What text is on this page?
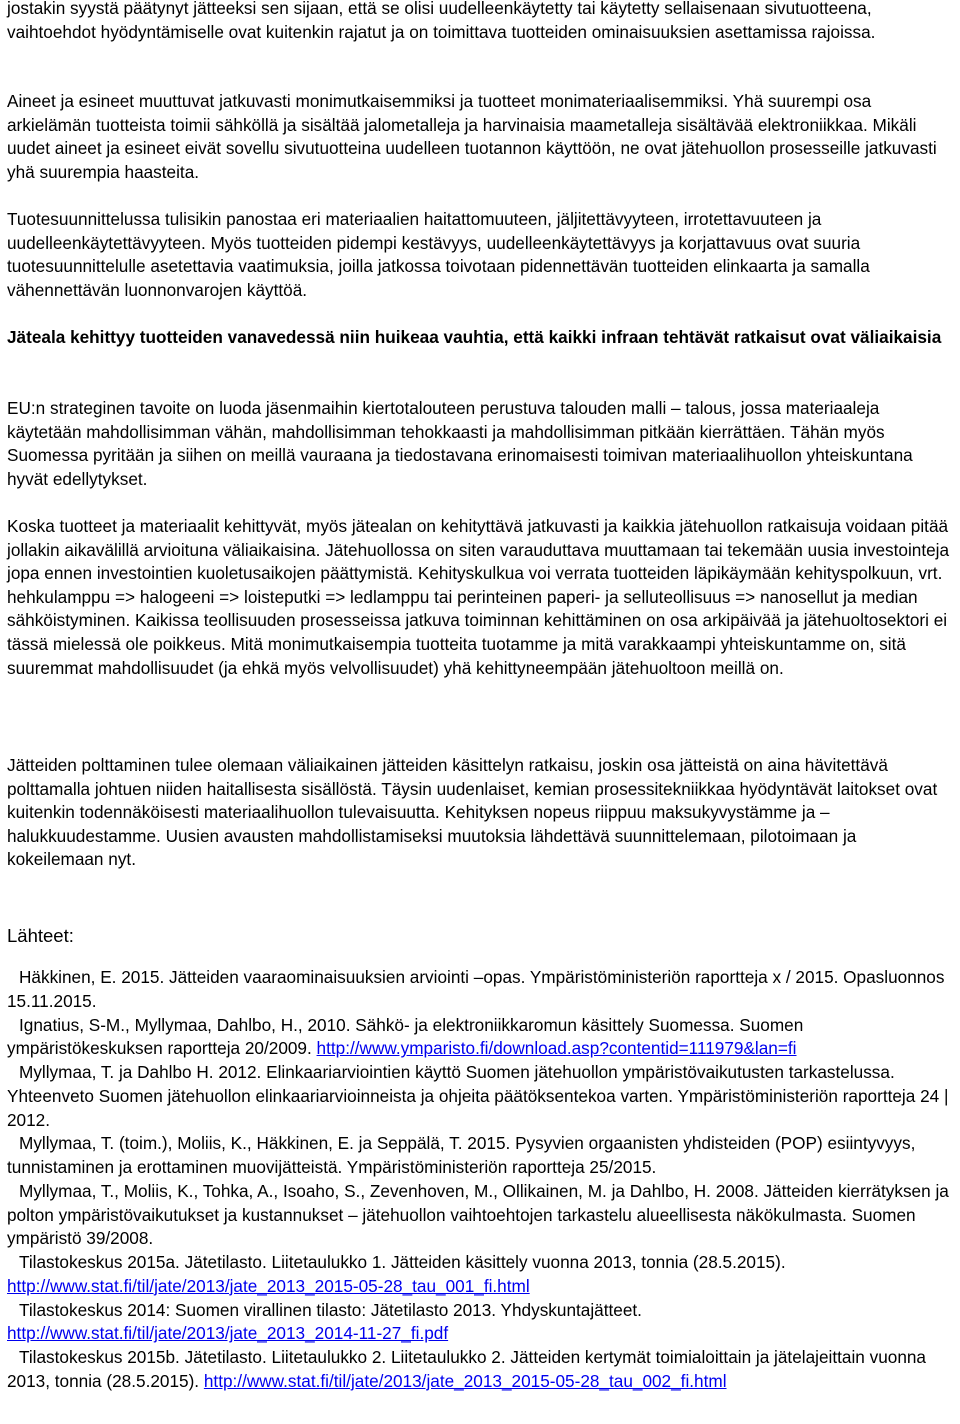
jostakin syystä päätynyt jätteeksi sen sijaan, että se olisi uudelleenkäytetty tai käytetty sellaisenaan sivutuotteena, vaihtoehdot hyödyntämiselle ovat kuitenkin rajatut ja on toimittava tuotteiden ominaisuuksien asettamissa rajoissa.

Aineet ja esineet muuttuvat jatkuvasti monimutkaisemmiksi ja tuotteet monimateriaalisemmiksi. Yhä suurempi osa arkielämän tuotteista toimii sähköllä ja sisältää jalometalleja ja harvinaisia maametalleja sisältävää elektroniikkaa. Mikäli uudet aineet ja esineet eivät sovellu sivutuotteina uudelleen tuotannon käyttöön, ne ovat jätehuollon prosesseille jatkuvasti yhä suurempia haasteita.

Tuotesuunnittelussa tulisikin panostaa eri materiaalien haitattomuuteen, jäljitettävyyteen, irrotettavuuteen ja uudelleenkäytettävyyteen. Myös tuotteiden pidempi kestävyys, uudelleenkäytettävyys ja korjattavuus ovat suuria tuotesuunnittelulle asetettavia vaatimuksia, joilla jatkossa toivotaan pidennettävän tuotteiden elinkaarta ja samalla vähennettävän luonnonvarojen käyttöä.

Jäteala kehittyy tuotteiden vanavedessä niin huikeaa vauhtia, että kaikki infraan tehtävät ratkaisut ovat väliaikaisia

EU:n strateginen tavoite on luoda jäsenmaihin kiertotalouteen perustuva talouden malli – talous, jossa materiaaleja käytetään mahdollisimman vähän, mahdollisimman tehokkaasti ja mahdollisimman pitkään kierrättäen. Tähän myös Suomessa pyritään ja siihen on meillä vauraana ja tiedostavana erinomaisesti toimivan materiaalihuollon yhteiskuntana hyvät edellytykset.

Koska tuotteet ja materiaalit kehittyvät, myös jätealan on kehityttävä jatkuvasti ja kaikkia jätehuollon ratkaisuja voidaan pitää jollakin aikavälillä arvioituna väliaikaisina. Jätehuollossa on siten varauduttava muuttamaan tai tekemään uusia investointeja jopa ennen investointien kuoletusaikojen päättymistä. Kehityskulkua voi verrata tuotteiden läpikäymään kehityspolkuun, vrt. hehkulamppu => halogeeni => loisteputki => ledlamppu tai perinteinen paperi- ja selluteollisuus => nanosellut ja median sähköistyminen. Kaikissa teollisuuden prosesseissa jatkuva toiminnan kehittäminen on osa arkipäivää ja jätehuoltosektori ei tässä mielessä ole poikkeus. Mitä monimutkaisempia tuotteita tuotamme ja mitä varakkaampi yhteiskuntamme on, sitä suuremmat mahdollisuudet (ja ehkä myös velvollisuudet) yhä kehittyneempään jätehuoltoon meillä on.

Jätteiden polttaminen tulee olemaan väliaikainen jätteiden käsittelyn ratkaisu, joskin osa jätteistä on aina hävitettävä polttamalla johtuen niiden haitallisesta sisällöstä. Täysin uudenlaiset, kemian prosessitekniikkaa hyödyntävät laitokset ovat kuitenkin todennäköisesti materiaalihuollon tulevaisuutta. Kehityksen nopeus riippuu maksukyvystämme ja –halukkuudestamme. Uusien avausten mahdollistamiseksi muutoksia lähdettävä suunnittelemaan, pilotoimaan ja kokeilemaan nyt.

Lähteet:

Häkkinen, E. 2015. Jätteiden vaaraominaisuuksien arviointi –opas. Ympäristöministeriön raportteja x / 2015. Opasluonnos 15.11.2015.

Ignatius, S-M., Myllymaa, Dahlbo, H., 2010. Sähkö- ja elektroniikkaromun käsittely Suomessa. Suomen ympäristökeskuksen raportteja 20/2009. http://www.ymparisto.fi/download.asp?contentid=111979&lan=fi

Myllymaa, T. ja Dahlbo H. 2012. Elinkaariarviointien käyttö Suomen jätehuollon ympäristövaikutusten tarkastelussa. Yhteenveto Suomen jätehuollon elinkaariarvioinneista ja ohjeita päätöksentekoa varten. Ympäristöministeriön raportteja 24 | 2012.

Myllymaa, T. (toim.), Moliis, K., Häkkinen, E. ja Seppälä, T. 2015. Pysyvien orgaanisten yhdisteiden (POP) esiintyvyys, tunnistaminen ja erottaminen muovijätteistä. Ympäristöministeriön raportteja 25/2015.

Myllymaa, T., Moliis, K., Tohka, A., Isoaho, S., Zevenhoven, M., Ollikainen, M. ja Dahlbo, H. 2008. Jätteiden kierrätyksen ja polton ympäristövaikutukset ja kustannukset – jätehuollon vaihtoehtojen tarkastelu alueellisesta näkökulmasta. Suomen ympäristö 39/2008.

Tilastokeskus 2015a. Jätetilasto. Liitetaulukko 1. Jätteiden käsittely vuonna 2013, tonnia (28.5.2015). http://www.stat.fi/til/jate/2013/jate_2013_2015-05-28_tau_001_fi.html

Tilastokeskus 2014: Suomen virallinen tilasto: Jätetilasto 2013. Yhdyskuntajätteet. http://www.stat.fi/til/jate/2013/jate_2013_2014-11-27_fi.pdf

Tilastokeskus 2015b. Jätetilasto. Liitetaulukko 2. Liitetaulukko 2. Jätteiden kertymät toimialoittain ja jätelajeittain vuonna 2013, tonnia (28.5.2015). http://www.stat.fi/til/jate/2013/jate_2013_2015-05-28_tau_002_fi.html
